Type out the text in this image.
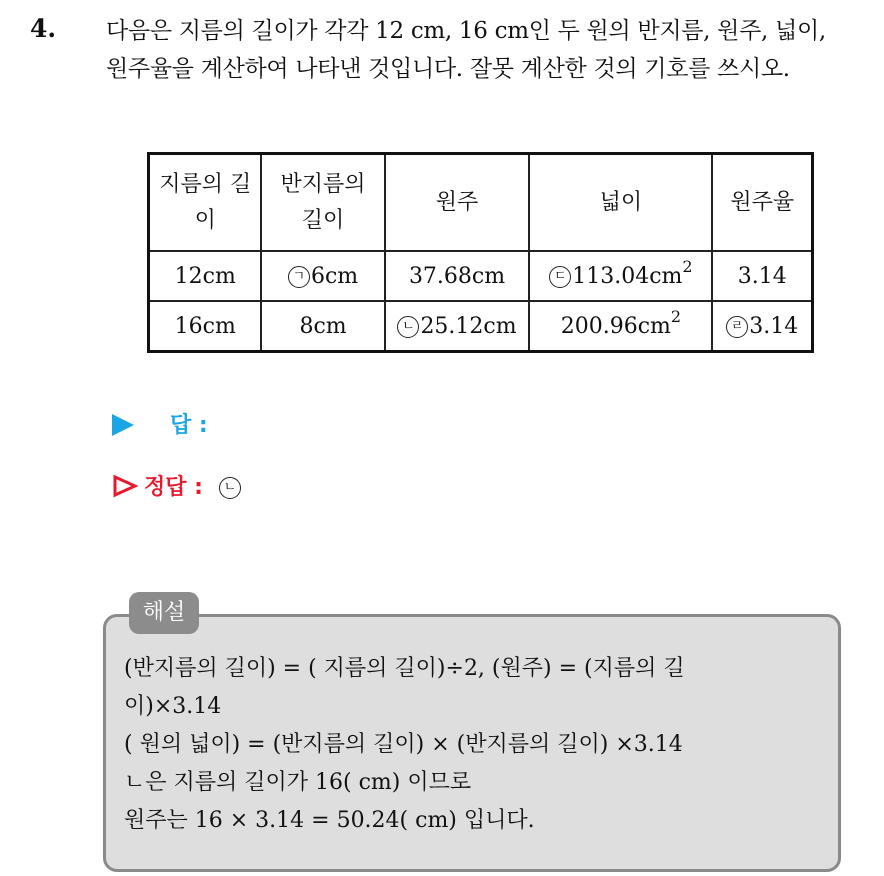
4. 다음은 지름의 길이가 각각 12 cm, 16 cm인 두 원의 반지름, 원주, 넓이,
원주율을 계산하여 나타낸 것입니다. 잘못 계산한 것의 기호를 쓰시오.

지름의 길이	반지름의 길이	원주	넓이	원주율
12cm	ㄱ 6cm	37.68cm	ㄷ $113.04cm^2$	3.14
16cm	8cm	ㄴ 25.12cm	$200.96cm^2$	ㄹ 3.14
답 :
정답 : ㄴ
해설

(반지름의 길이) = ( 지름의 길이)÷2, (원주) = (지름의 길
이)×3.14
( 원의 넓이) = (반지름의 길이) × (반지름의 길이) ×3.14
ㄴ은 지름의 길이가 16( cm) 이므로
원주는 16 × 3.14 = 50.24( cm) 입니다.
